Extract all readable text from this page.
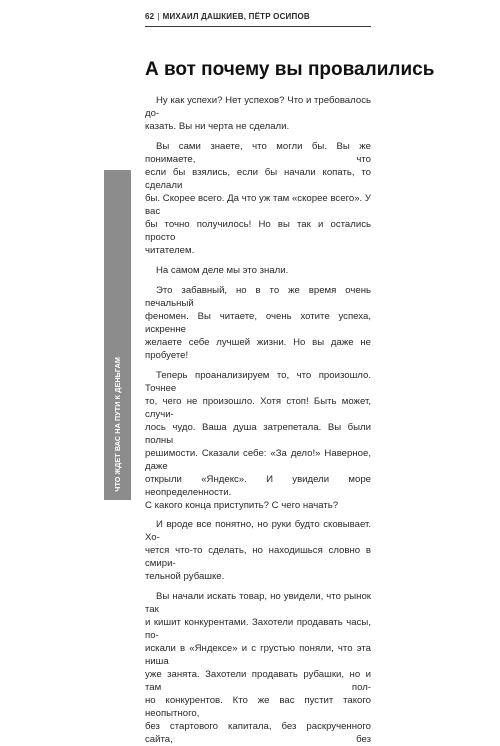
62 | МИХАИЛ ДАШКИЕВ, ПЁТР ОСИПОВ
А вот почему вы провалились

Ну как успехи? Нет успехов? Что и требовалось до-
казать. Вы ни черта не сделали.

Вы сами знаете, что могли бы. Вы же понимаете, что
если бы взялись, если бы начали копать, то сделали
бы. Скорее всего. Да что уж там «скорее всего». У вас
бы точно получилось! Но вы так и остались просто
читателем.

На самом деле мы это знали.

Это забавный, но в то же время очень печальный
феномен. Вы читаете, очень хотите успеха, искренне
желаете себе лучшей жизни. Но вы даже не пробуете!

Теперь проанализируем то, что произошло. Точнее
то, чего не произошло. Хотя стоп! Быть может, случи-
лось чудо. Ваша душа затрепетала. Вы были полны
решимости. Сказали себе: «За дело!» Наверное, даже
открыли «Яндекс». И увидели море неопределенности.
С какого конца приступить? С чего начать?

И вроде все понятно, но руки будто сковывает. Хо-
чется что-то сделать, но находишься словно в смири-
тельной рубашке.

Вы начали искать товар, но увидели, что рынок так
и кишит конкурентами. Захотели продавать часы, по-
искали в «Яндексе» и с грустью поняли, что эта ниша
уже занята. Захотели продавать рубашки, но и там пол-
но конкурентов. Кто же вас пустит такого неопытного,
без стартового капитала, без раскрученного сайта, без

ЧТО ЖДЕТ ВАС НА ПУТИ К ДЕНЬГАМ
